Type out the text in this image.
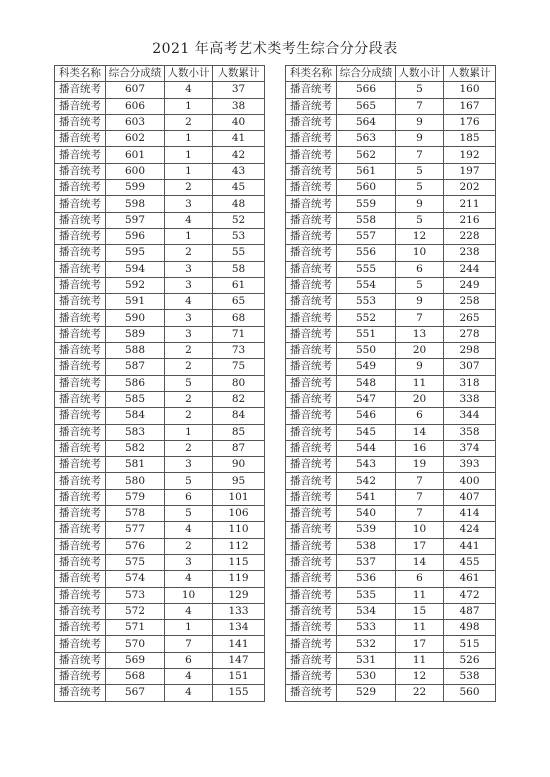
2021 年高考艺术类考生综合分分段表
科类名称	综合分成绩	人数小计	人数累计
播音统考	607	4	37
播音统考	606	1	38
播音统考	603	2	40
播音统考	602	1	41
播音统考	601	1	42
播音统考	600	1	43
播音统考	599	2	45
播音统考	598	3	48
播音统考	597	4	52
播音统考	596	1	53
播音统考	595	2	55
播音统考	594	3	58
播音统考	592	3	61
播音统考	591	4	65
播音统考	590	3	68
播音统考	589	3	71
播音统考	588	2	73
播音统考	587	2	75
播音统考	586	5	80
播音统考	585	2	82
播音统考	584	2	84
播音统考	583	1	85
播音统考	582	2	87
播音统考	581	3	90
播音统考	580	5	95
播音统考	579	6	101
播音统考	578	5	106
播音统考	577	4	110
播音统考	576	2	112
播音统考	575	3	115
播音统考	574	4	119
播音统考	573	10	129
播音统考	572	4	133
播音统考	571	1	134
播音统考	570	7	141
播音统考	569	6	147
播音统考	568	4	151
播音统考	567	4	155
科类名称	综合分成绩	人数小计	人数累计
播音统考	566	5	160
播音统考	565	7	167
播音统考	564	9	176
播音统考	563	9	185
播音统考	562	7	192
播音统考	561	5	197
播音统考	560	5	202
播音统考	559	9	211
播音统考	558	5	216
播音统考	557	12	228
播音统考	556	10	238
播音统考	555	6	244
播音统考	554	5	249
播音统考	553	9	258
播音统考	552	7	265
播音统考	551	13	278
播音统考	550	20	298
播音统考	549	9	307
播音统考	548	11	318
播音统考	547	20	338
播音统考	546	6	344
播音统考	545	14	358
播音统考	544	16	374
播音统考	543	19	393
播音统考	542	7	400
播音统考	541	7	407
播音统考	540	7	414
播音统考	539	10	424
播音统考	538	17	441
播音统考	537	14	455
播音统考	536	6	461
播音统考	535	11	472
播音统考	534	15	487
播音统考	533	11	498
播音统考	532	17	515
播音统考	531	11	526
播音统考	530	12	538
播音统考	529	22	560
